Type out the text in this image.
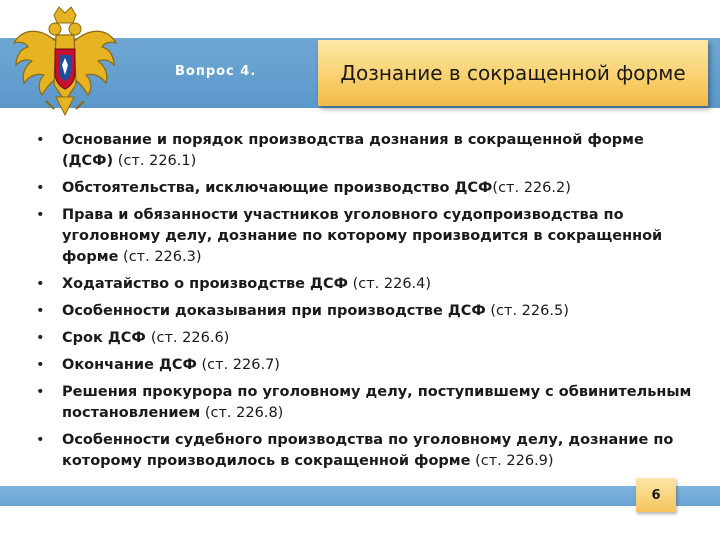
Вопрос 4.	Дознание в сокращенной форме
• Основание и порядок производства дознания в сокращенной форме (ДСФ) (ст. 226.1)
• Обстоятельства, исключающие производство ДСФ(ст. 226.2)
• Права и обязанности участников уголовного судопроизводства по уголовному делу, дознание по которому производится в сокращенной форме (ст. 226.3)
• Ходатайство о производстве ДСФ (ст. 226.4)
• Особенности доказывания при производстве ДСФ (ст. 226.5)
• Срок ДСФ (ст. 226.6)
• Окончание ДСФ (ст. 226.7)
• Решения прокурора по уголовному делу, поступившему с обвинительным постановлением (ст. 226.8)
• Особенности судебного производства по уголовному делу, дознание по которому производилось в сокращенной форме (ст. 226.9)
6
